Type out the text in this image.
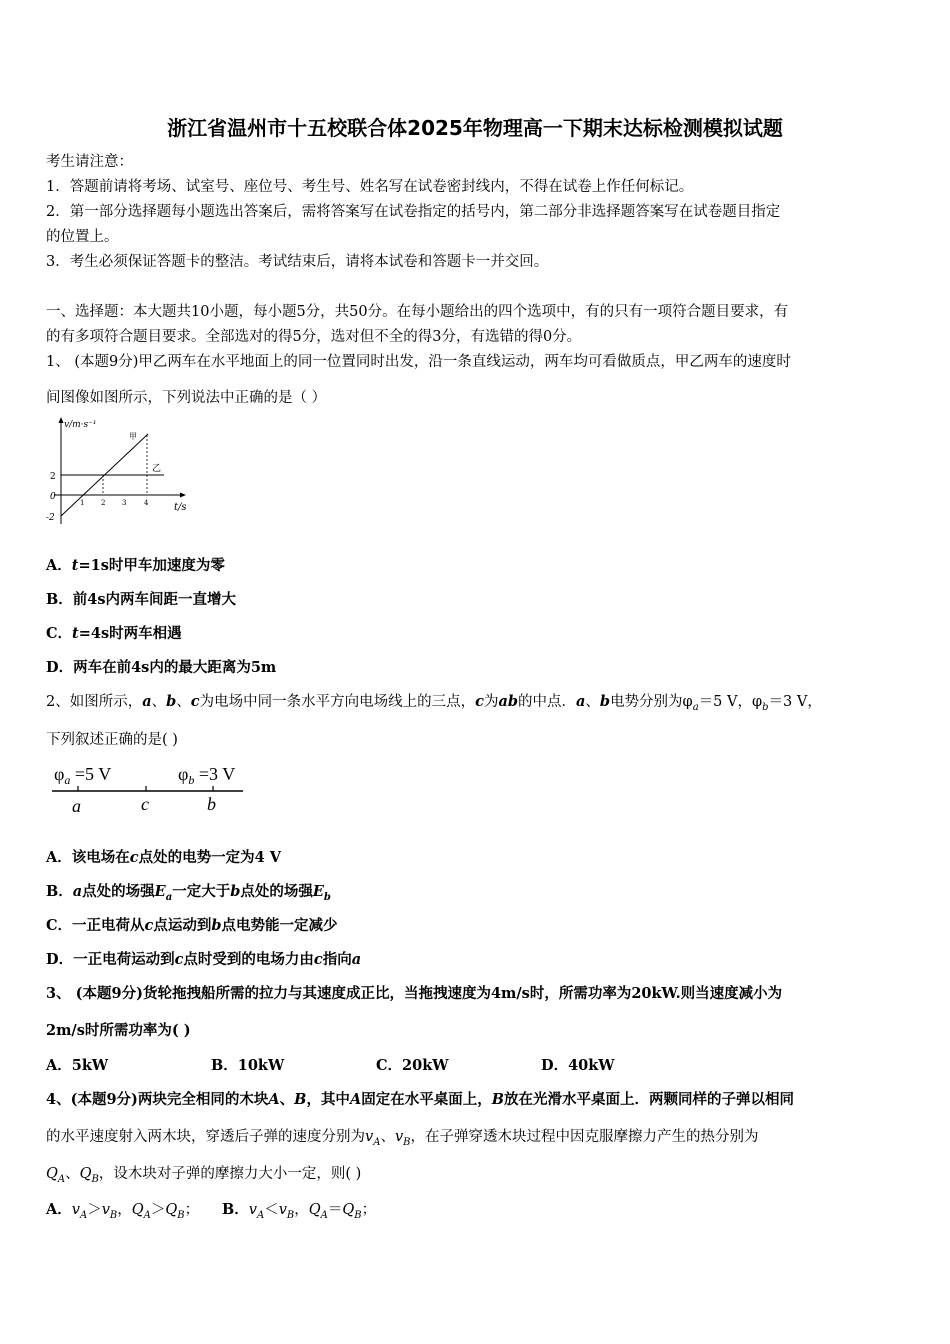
浙江省温州市十五校联合体2025年物理高一下期末达标检测模拟试题
考生请注意：
1．答题前请将考场、试室号、座位号、考生号、姓名写在试卷密封线内，不得在试卷上作任何标记。
2．第一部分选择题每小题选出答案后，需将答案写在试卷指定的括号内，第二部分非选择题答案写在试卷题目指定
的位置上。
3．考生必须保证答题卡的整洁。考试结束后，请将本试卷和答题卡一并交回。
一、选择题：本大题共10小题，每小题5分，共50分。在每小题给出的四个选项中，有的只有一项符合题目要求，有
的有多项符合题目要求。全部选对的得5分，选对但不全的得3分，有选错的得0分。
1、 (本题9分)甲乙两车在水平地面上的同一位置同时出发，沿一条直线运动，两车均可看做质点，甲乙两车的速度时
间图像如图所示，下列说法中正确的是（ ）
v/m·s⁻¹
t/s
甲
乙
2
0
-2
1 2 3	4
A．t=1s时甲车加速度为零
B．前4s内两车间距一直增大
C．t=4s时两车相遇
D．两车在前4s内的最大距离为5m
2、如图所示，a、b、c为电场中同一条水平方向电场线上的三点，c为ab的中点．a、b电势分别为$\varphi_a=5$ V，$\varphi_b=3$ V，
下列叙述正确的是( )
$\varphi_a =5$ V	$\varphi_b =3$ V
a	c	b
A．该电场在c点处的电势一定为4 V
B．a点处的场强$E_a$一定大于b点处的场强$E_b$
C．一正电荷从c点运动到b点电势能一定减少
D．一正电荷运动到c点时受到的电场力由c指向a
3、 (本题9分)货轮拖拽船所需的拉力与其速度成正比，当拖拽速度为4m/s时，所需功率为20kW.则当速度减小为
2m/s时所需功率为( )
A．5kW	B．10kW	C．20kW	D．40kW
4、(本题9分)两块完全相同的木块A、B，其中A固定在水平桌面上，B放在光滑水平桌面上．两颗同样的子弹以相同
的水平速度射入两木块，穿透后子弹的速度分别为$v_A$、$v_B$，在子弹穿透木块过程中因克服摩擦力产生的热分别为
$Q_A$、$Q_B$，设木块对子弹的摩擦力大小一定，则( )
A．$v_A>v_B$，$Q_A>Q_B$； B．$v_A<v_B$，$Q_A=Q_B$；
